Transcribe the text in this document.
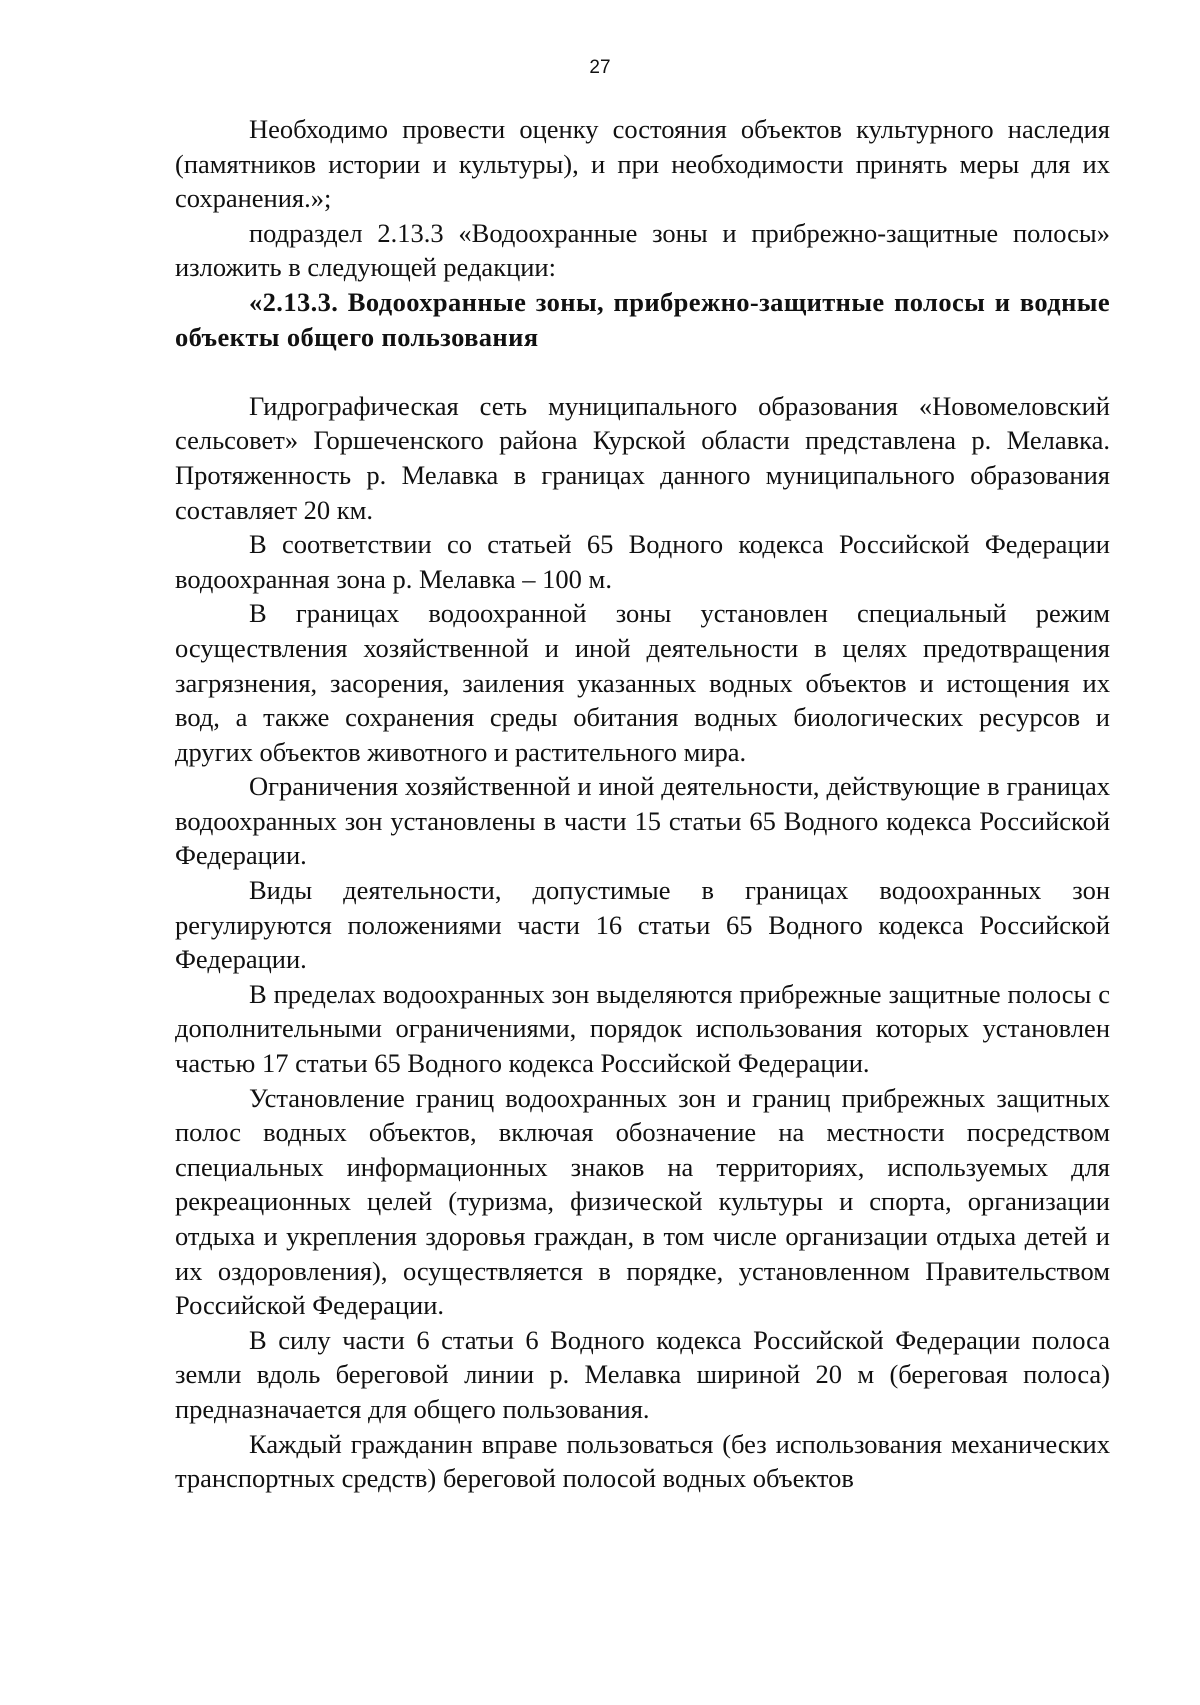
27

Необходимо провести оценку состояния объектов культурного наследия (памятников истории и культуры), и при необходимости принять меры для их сохранения.»;

подраздел 2.13.3 «Водоохранные зоны и прибрежно-защитные полосы» изложить в следующей редакции:

«2.13.3. Водоохранные зоны, прибрежно-защитные полосы и водные объекты общего пользования

Гидрографическая сеть муниципального образования «Новомеловский сельсовет» Горшеченского района Курской области представлена р. Мелавка. Протяженность р. Мелавка в границах данного муниципального образования составляет 20 км.

В соответствии со статьей 65 Водного кодекса Российской Федерации водоохранная зона р. Мелавка – 100 м.

В границах водоохранной зоны установлен специальный режим осуществления хозяйственной и иной деятельности в целях предотвращения загрязнения, засорения, заиления указанных водных объектов и истощения их вод, а также сохранения среды обитания водных биологических ресурсов и других объектов животного и растительного мира.

Ограничения хозяйственной и иной деятельности, действующие в границах водоохранных зон установлены в части 15 статьи 65 Водного кодекса Российской Федерации.

Виды деятельности, допустимые в границах водоохранных зон регулируются положениями части 16 статьи 65 Водного кодекса Российской Федерации.

В пределах водоохранных зон выделяются прибрежные защитные полосы с дополнительными ограничениями, порядок использования которых установлен частью 17 статьи 65 Водного кодекса Российской Федерации.

Установление границ водоохранных зон и границ прибрежных защитных полос водных объектов, включая обозначение на местности посредством специальных информационных знаков на территориях, используемых для рекреационных целей (туризма, физической культуры и спорта, организации отдыха и укрепления здоровья граждан, в том числе организации отдыха детей и их оздоровления), осуществляется в порядке, установленном Правительством Российской Федерации.

В силу части 6 статьи 6 Водного кодекса Российской Федерации полоса земли вдоль береговой линии р. Мелавка шириной 20 м (береговая полоса) предназначается для общего пользования.

Каждый гражданин вправе пользоваться (без использования механических транспортных средств) береговой полосой водных объектов
